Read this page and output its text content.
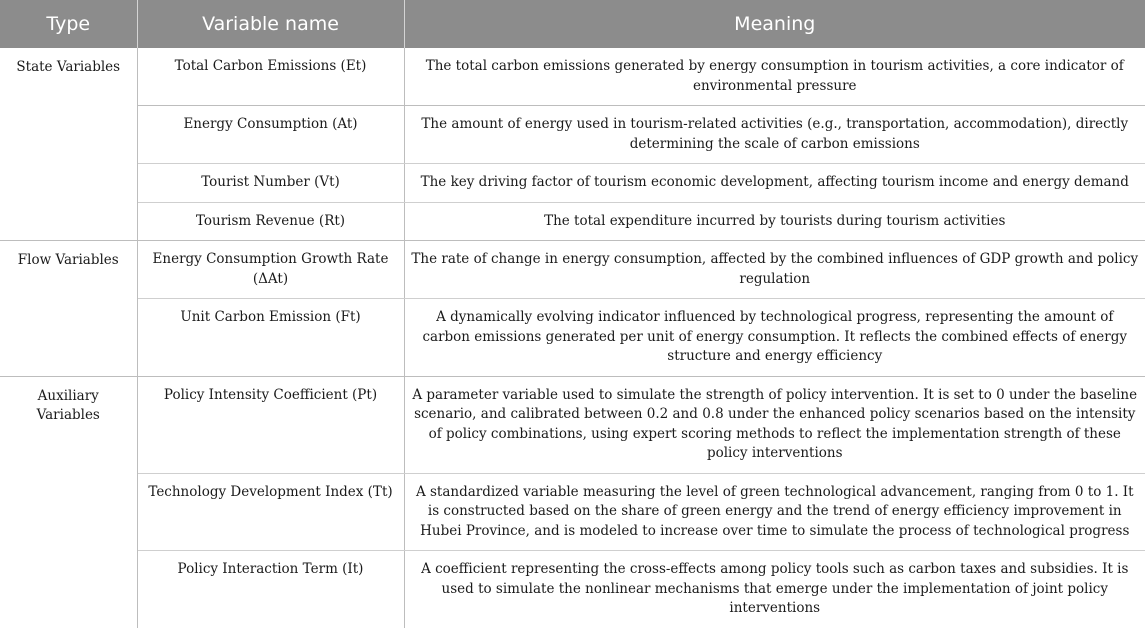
Type	Variable name	Meaning
State Variables	Total Carbon Emissions (Et)	The total carbon emissions generated by energy consumption in tourism activities, a core indicator of environmental pressure
	Energy Consumption (At)	The amount of energy used in tourism-related activities (e.g., transportation, accommodation), directly determining the scale of carbon emissions
	Tourist Number (Vt)	The key driving factor of tourism economic development, affecting tourism income and energy demand
	Tourism Revenue (Rt)	The total expenditure incurred by tourists during tourism activities
Flow Variables	Energy Consumption Growth Rate (ΔAt)	The rate of change in energy consumption, affected by the combined influences of GDP growth and policy regulation
	Unit Carbon Emission (Ft)	A dynamically evolving indicator influenced by technological progress, representing the amount of carbon emissions generated per unit of energy consumption. It reflects the combined effects of energy structure and energy efficiency
Auxiliary Variables	Policy Intensity Coefficient (Pt)	A parameter variable used to simulate the strength of policy intervention. It is set to 0 under the baseline scenario, and calibrated between 0.2 and 0.8 under the enhanced policy scenarios based on the intensity of policy combinations, using expert scoring methods to reflect the implementation strength of these policy interventions
	Technology Development Index (Tt)	A standardized variable measuring the level of green technological advancement, ranging from 0 to 1. It is constructed based on the share of green energy and the trend of energy efficiency improvement in Hubei Province, and is modeled to increase over time to simulate the process of technological progress
	Policy Interaction Term (It)	A coefficient representing the cross-effects among policy tools such as carbon taxes and subsidies. It is used to simulate the nonlinear mechanisms that emerge under the implementation of joint policy interventions
